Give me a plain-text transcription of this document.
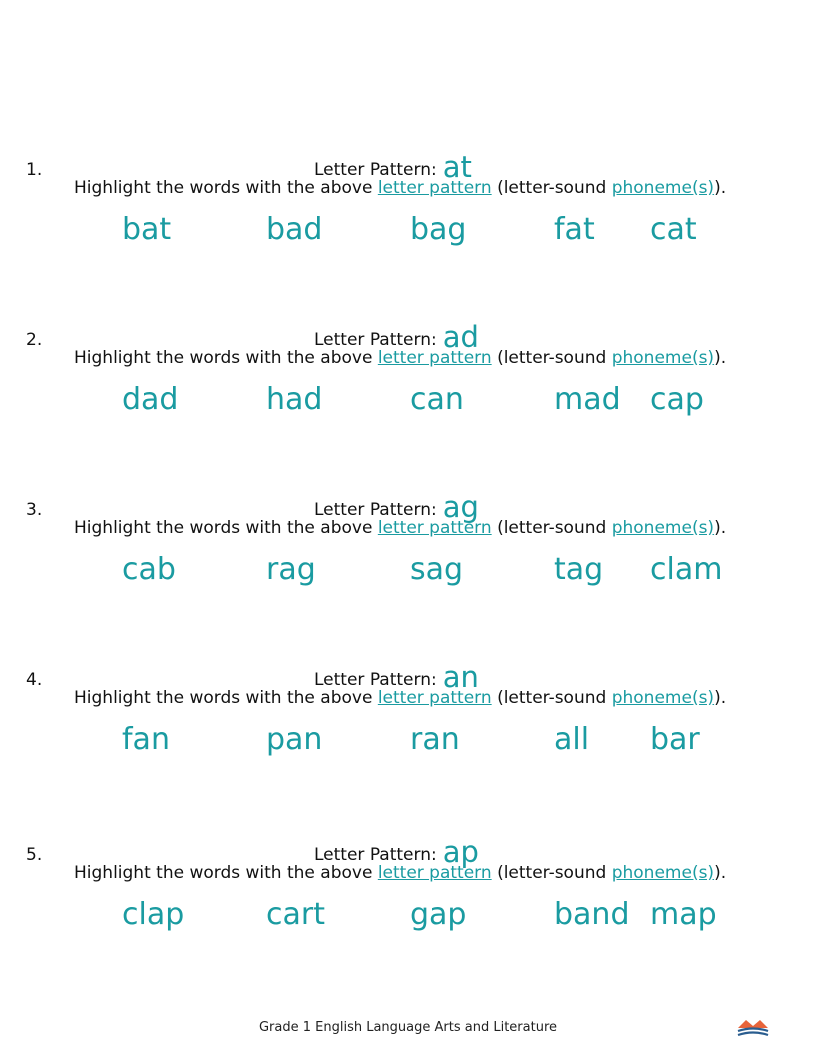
1.	Letter Pattern: at
Highlight the words with the above letter pattern (letter-sound phoneme(s)).
bat	bad	bag	fat cat
2.	Letter Pattern: ad
Highlight the words with the above letter pattern (letter-sound phoneme(s)).
dad	had	can	mad cap
3.	Letter Pattern: ag
Highlight the words with the above letter pattern (letter-sound phoneme(s)).
cab	rag	sag	tag clam
4.	Letter Pattern: an
Highlight the words with the above letter pattern (letter-sound phoneme(s)).
fan	pan	ran	all bar
5.	Letter Pattern: ap
Highlight the words with the above letter pattern (letter-sound phoneme(s)).
clap	cart	gap	band map
Grade 1 English Language Arts and Literature
